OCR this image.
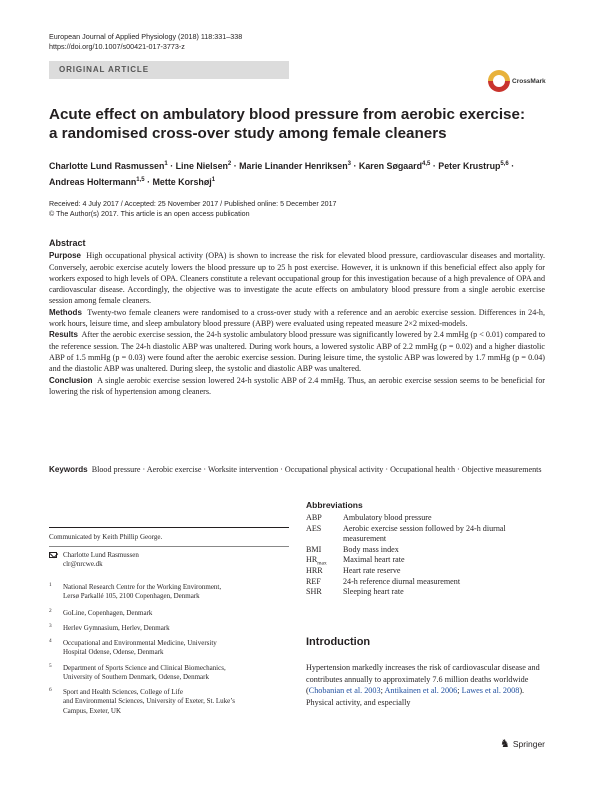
European Journal of Applied Physiology (2018) 118:331–338
https://doi.org/10.1007/s00421-017-3773-z
ORIGINAL ARTICLE
CrossMark
Acute effect on ambulatory blood pressure from aerobic exercise:
a randomised cross-over study among female cleaners
Charlotte Lund Rasmussen$^1$ · Line Nielsen$^2$ · Marie Linander Henriksen$^3$ · Karen Søgaard$^{4,5}$ · Peter Krustrup$^{5,6}$ ·
Andreas Holtermann$^{1,5}$ · Mette Korshøj$^1$
Received: 4 July 2017 / Accepted: 25 November 2017 / Published online: 5 December 2017
© The Author(s) 2017. This article is an open access publication
Abstract

Purpose High occupational physical activity (OPA) is shown to increase the risk for elevated blood pressure, cardiovascular diseases and mortality. Conversely, aerobic exercise acutely lowers the blood pressure up to 25 h post exercise. However, it is unknown if this beneficial effect also apply for workers exposed to high levels of OPA. Cleaners constitute a relevant occupational group for this investigation because of a high prevalence of OPA and cardiovascular disease. Accordingly, the objective was to investigate the acute effects on ambulatory blood pressure from a single aerobic exercise session among female cleaners.

Methods Twenty-two female cleaners were randomised to a cross-over study with a reference and an aerobic exercise session. Differences in 24-h, work hours, leisure time, and sleep ambulatory blood pressure (ABP) were evaluated using repeated measure 2×2 mixed-models.

Results After the aerobic exercise session, the 24-h systolic ambulatory blood pressure was significantly lowered by 2.4 mmHg (p < 0.01) compared to the reference session. The 24-h diastolic ABP was unaltered. During work hours, a lowered systolic ABP of 2.2 mmHg (p = 0.02) and a higher diastolic ABP of 1.5 mmHg (p = 0.03) were found after the aerobic exercise session. During leisure time, the systolic ABP was lowered by 1.7 mmHg (p = 0.04) and the diastolic ABP was unaltered. During sleep, the systolic and diastolic ABP was unaltered.

Conclusion A single aerobic exercise session lowered 24-h systolic ABP of 2.4 mmHg. Thus, an aerobic exercise session seems to be beneficial for lowering the risk of hypertension among cleaners.

Keywords Blood pressure · Aerobic exercise · Worksite intervention · Occupational physical activity · Occupational health · Objective measurements
Communicated by Keith Phillip George.
Charlotte Lund Rasmussen
clr@nrcwe.dk
1 National Research Centre for the Working Environment,
Lersø Parkallé 105, 2100 Copenhagen, Denmark
2 GoLine, Copenhagen, Denmark
3 Herlev Gymnasium, Herlev, Denmark
4 Occupational and Environmental Medicine, University
Hospital Odense, Odense, Denmark
5 Department of Sports Science and Clinical Biomechanics,
University of Southern Denmark, Odense, Denmark
6 Sport and Health Sciences, College of Life
and Environmental Sciences, University of Exeter, St. Luke’s
Campus, Exeter, UK
Abbreviations
ABP	Ambulatory blood pressure
AES	Aerobic exercise session followed by 24-h diurnal
measurement
BMI	Body mass index
$HR_{max}$ Maximal heart rate
HRR	Heart rate reserve
REF	24-h reference diurnal measurement
SHR	Sleeping heart rate
Introduction
Hypertension markedly increases the risk of cardiovascular disease and contributes annually to approximately 7.6 million deaths worldwide (Chobanian et al. 2003; Antikainen et al. 2006; Lawes et al. 2008). Physical activity, and especially
♞ Springer
